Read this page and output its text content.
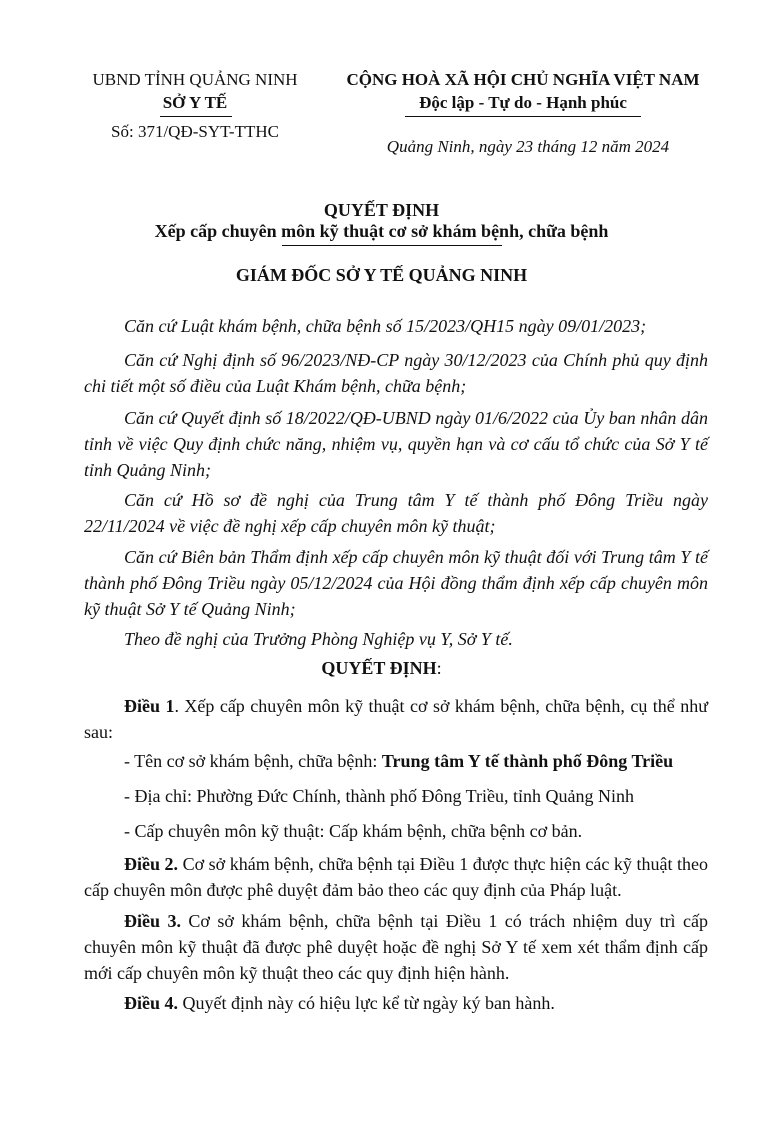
UBND TỈNH QUẢNG NINH
SỞ Y TẾ
Số: 371/QĐ-SYT-TTHC
CỘNG HOÀ XÃ HỘI CHỦ NGHĨA VIỆT NAM
Độc lập - Tự do - Hạnh phúc
Quảng Ninh, ngày 23 tháng 12 năm 2024
QUYẾT ĐỊNH
Xếp cấp chuyên môn kỹ thuật cơ sở khám bệnh, chữa bệnh
GIÁM ĐỐC SỞ Y TẾ QUẢNG NINH
Căn cứ Luật khám bệnh, chữa bệnh số 15/2023/QH15 ngày 09/01/2023;
Căn cứ Nghị định số 96/2023/NĐ-CP ngày 30/12/2023 của Chính phủ quy định chi tiết một số điều của Luật Khám bệnh, chữa bệnh;
Căn cứ Quyết định số 18/2022/QĐ-UBND ngày 01/6/2022 của Ủy ban nhân dân tỉnh về việc Quy định chức năng, nhiệm vụ, quyền hạn và cơ cấu tổ chức của Sở Y tế tỉnh Quảng Ninh;
Căn cứ Hồ sơ đề nghị của Trung tâm Y tế thành phố Đông Triều ngày 22/11/2024 về việc đề nghị xếp cấp chuyên môn kỹ thuật;
Căn cứ Biên bản Thẩm định xếp cấp chuyên môn kỹ thuật đối với Trung tâm Y tế thành phố Đông Triều ngày 05/12/2024 của Hội đồng thẩm định xếp cấp chuyên môn kỹ thuật Sở Y tế Quảng Ninh;
Theo đề nghị của Trưởng Phòng Nghiệp vụ Y, Sở Y tế.
QUYẾT ĐỊNH:
Điều 1. Xếp cấp chuyên môn kỹ thuật cơ sở khám bệnh, chữa bệnh, cụ thể như sau:
- Tên cơ sở khám bệnh, chữa bệnh: Trung tâm Y tế thành phố Đông Triều
- Địa chỉ: Phường Đức Chính, thành phố Đông Triều, tỉnh Quảng Ninh
- Cấp chuyên môn kỹ thuật: Cấp khám bệnh, chữa bệnh cơ bản.
Điều 2. Cơ sở khám bệnh, chữa bệnh tại Điều 1 được thực hiện các kỹ thuật theo cấp chuyên môn được phê duyệt đảm bảo theo các quy định của Pháp luật.
Điều 3. Cơ sở khám bệnh, chữa bệnh tại Điều 1 có trách nhiệm duy trì cấp chuyên môn kỹ thuật đã được phê duyệt hoặc đề nghị Sở Y tế xem xét thẩm định cấp mới cấp chuyên môn kỹ thuật theo các quy định hiện hành.
Điều 4. Quyết định này có hiệu lực kể từ ngày ký ban hành.
